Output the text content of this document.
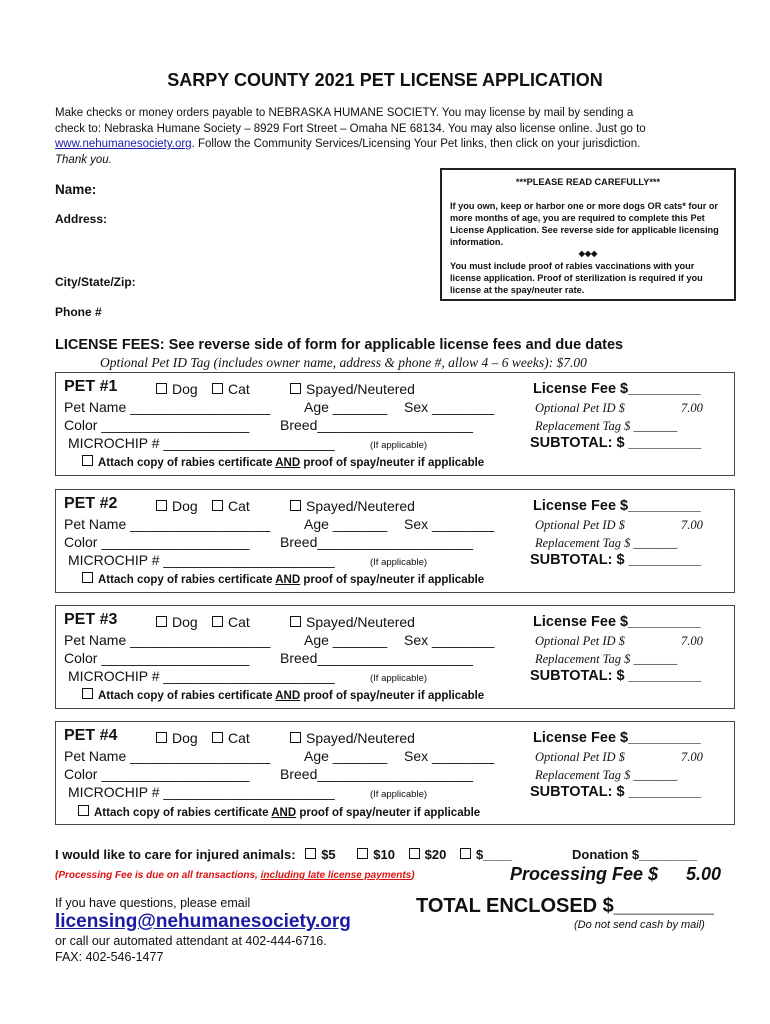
SARPY COUNTY 2021 PET LICENSE APPLICATION
Make checks or money orders payable to NEBRASKA HUMANE SOCIETY. You may license by mail by sending a
check to: Nebraska Humane Society – 8929 Fort Street – Omaha NE 68134. You may also license online. Just go to
www.nehumanesociety.org. Follow the Community Services/Licensing Your Pet links, then click on your jurisdiction.
Thank you.
Name:
Address:
City/State/Zip:
Phone #
***PLEASE READ CAREFULLY***
If you own, keep or harbor one or more dogs OR cats* four or more months of age, you are required to complete this Pet License Application. See reverse side for applicable licensing information.
◆◆◆
You must include proof of rabies vaccinations with your license application. Proof of sterilization is required if you license at the spay/neuter rate.
LICENSE FEES: See reverse side of form for applicable license fees and due dates
Optional Pet ID Tag (includes owner name, address & phone #, allow 4 – 6 weeks): $7.00
PET #1	Dog	Cat	Spayed/Neutered
Pet Name __________________ Age _______ Sex ________
Color ___________________ Breed____________________
MICROCHIP # ______________________	(If applicable)
License Fee $_________
Optional Pet ID $	7.00
Replacement Tag $ _______
SUBTOTAL: $ _________
Attach copy of rabies certificate AND proof of spay/neuter if applicable
PET #2	Dog	Cat	Spayed/Neutered
Pet Name __________________ Age _______ Sex ________
Color ___________________ Breed____________________
MICROCHIP # ______________________	(If applicable)
License Fee $_________
Optional Pet ID $	7.00
Replacement Tag $ _______
SUBTOTAL: $ _________
Attach copy of rabies certificate AND proof of spay/neuter if applicable
PET #3	Dog	Cat	Spayed/Neutered
Pet Name __________________ Age _______ Sex ________
Color ___________________ Breed____________________
MICROCHIP # ______________________	(If applicable)
License Fee $_________
Optional Pet ID $	7.00
Replacement Tag $ _______
SUBTOTAL: $ _________
Attach copy of rabies certificate AND proof of spay/neuter if applicable
PET #4	Dog	Cat	Spayed/Neutered
Pet Name __________________ Age _______ Sex ________
Color ___________________ Breed____________________
MICROCHIP # ______________________	(If applicable)
License Fee $_________
Optional Pet ID $	7.00
Replacement Tag $ _______
SUBTOTAL: $ _________
Attach copy of rabies certificate AND proof of spay/neuter if applicable
I would like to care for injured animals: $5	$10 $20 $____	Donation $________
(Processing Fee is due on all transactions, including late license payments)	Processing Fee $ 5.00
If you have questions, please email	TOTAL ENCLOSED $_________
licensing@nehumanesociety.org	(Do not send cash by mail)
or call our automated attendant at 402-444-6716.
FAX: 402-546-1477
